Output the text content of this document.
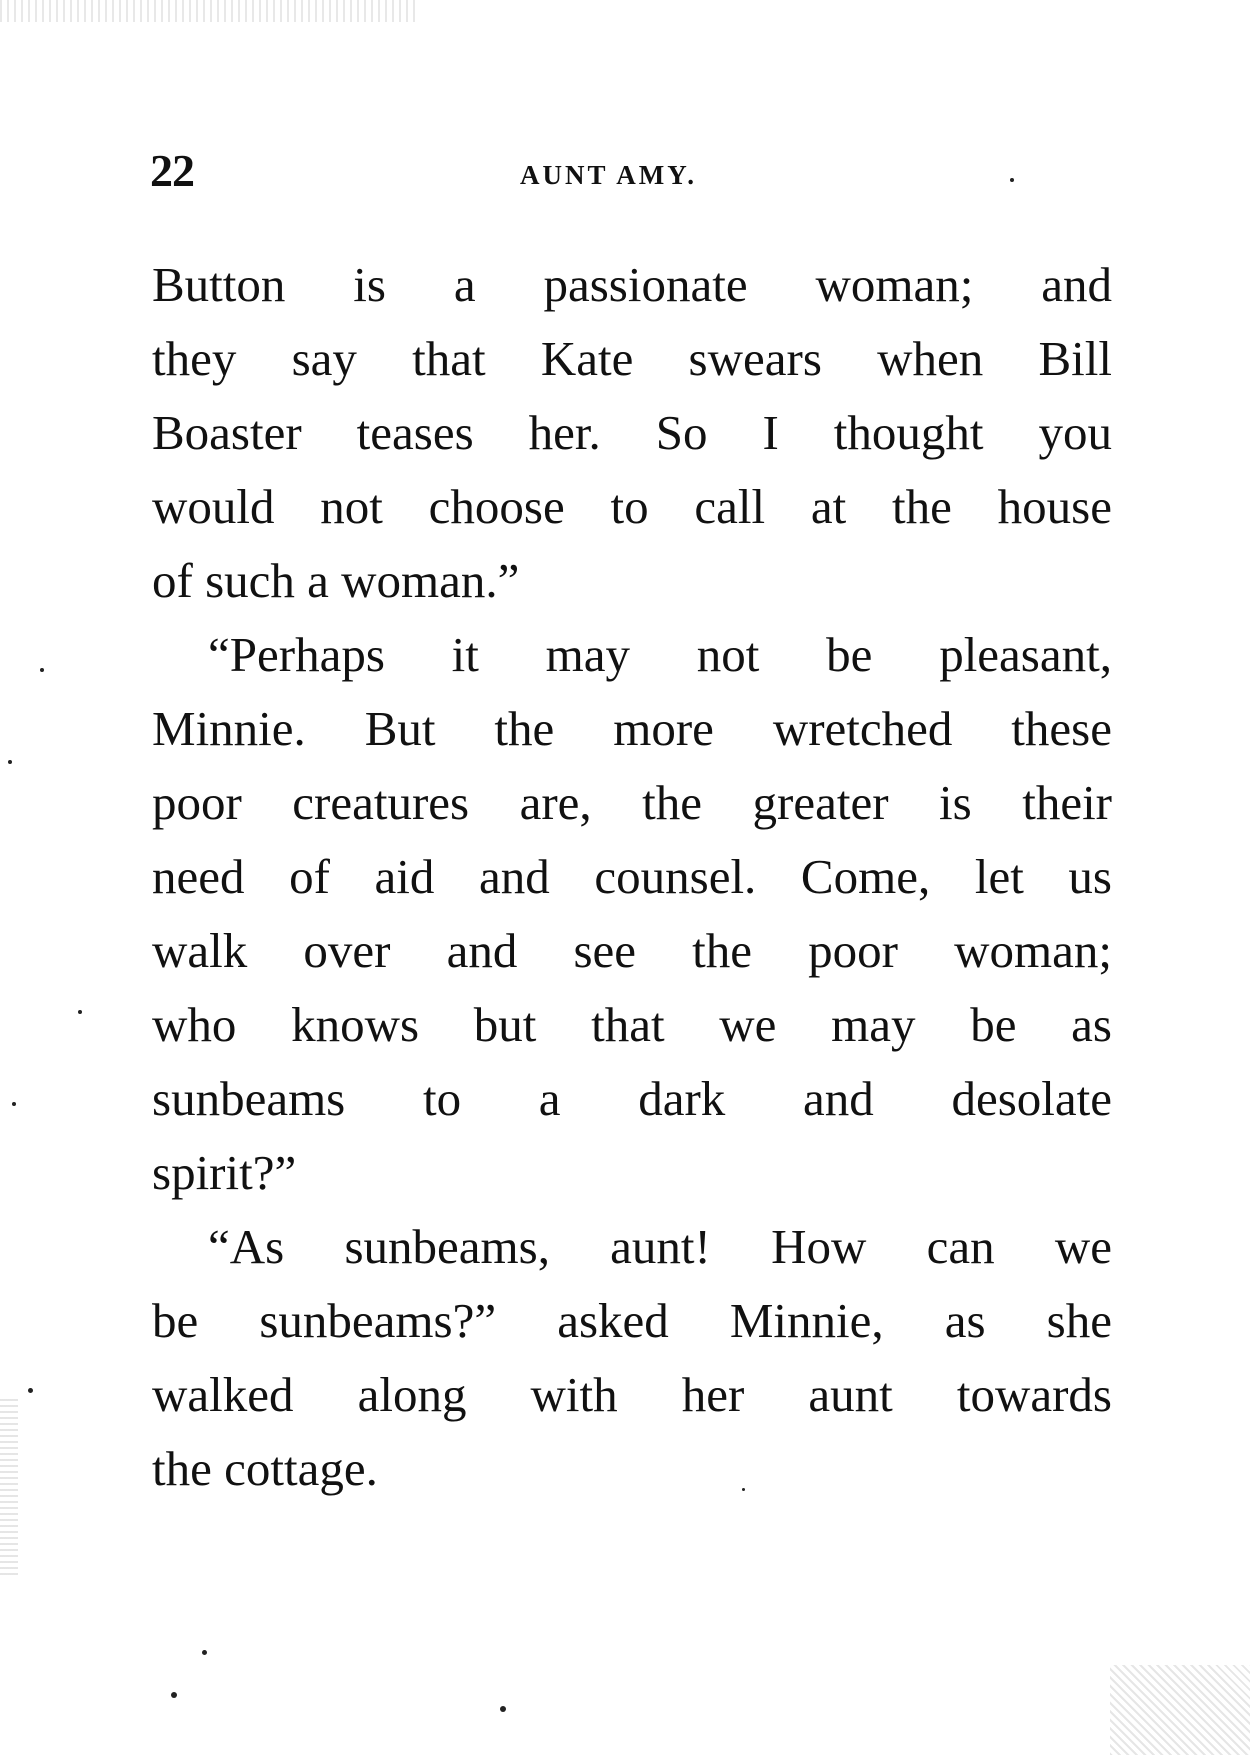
22	AUNT AMY.
Button is a passionate woman; and
they say that Kate swears when Bill
Boaster teases her. So I thought you
would not choose to call at the house
of such a woman.”
“Perhaps it may not be pleasant,
Minnie. But the more wretched these
poor creatures are, the greater is their
need of aid and counsel. Come, let us
walk over and see the poor woman;
who knows but that we may be as
sunbeams to a dark and desolate
spirit?”
“As sunbeams, aunt! How can we
be sunbeams?” asked Minnie, as she
walked along with her aunt towards
the cottage.
